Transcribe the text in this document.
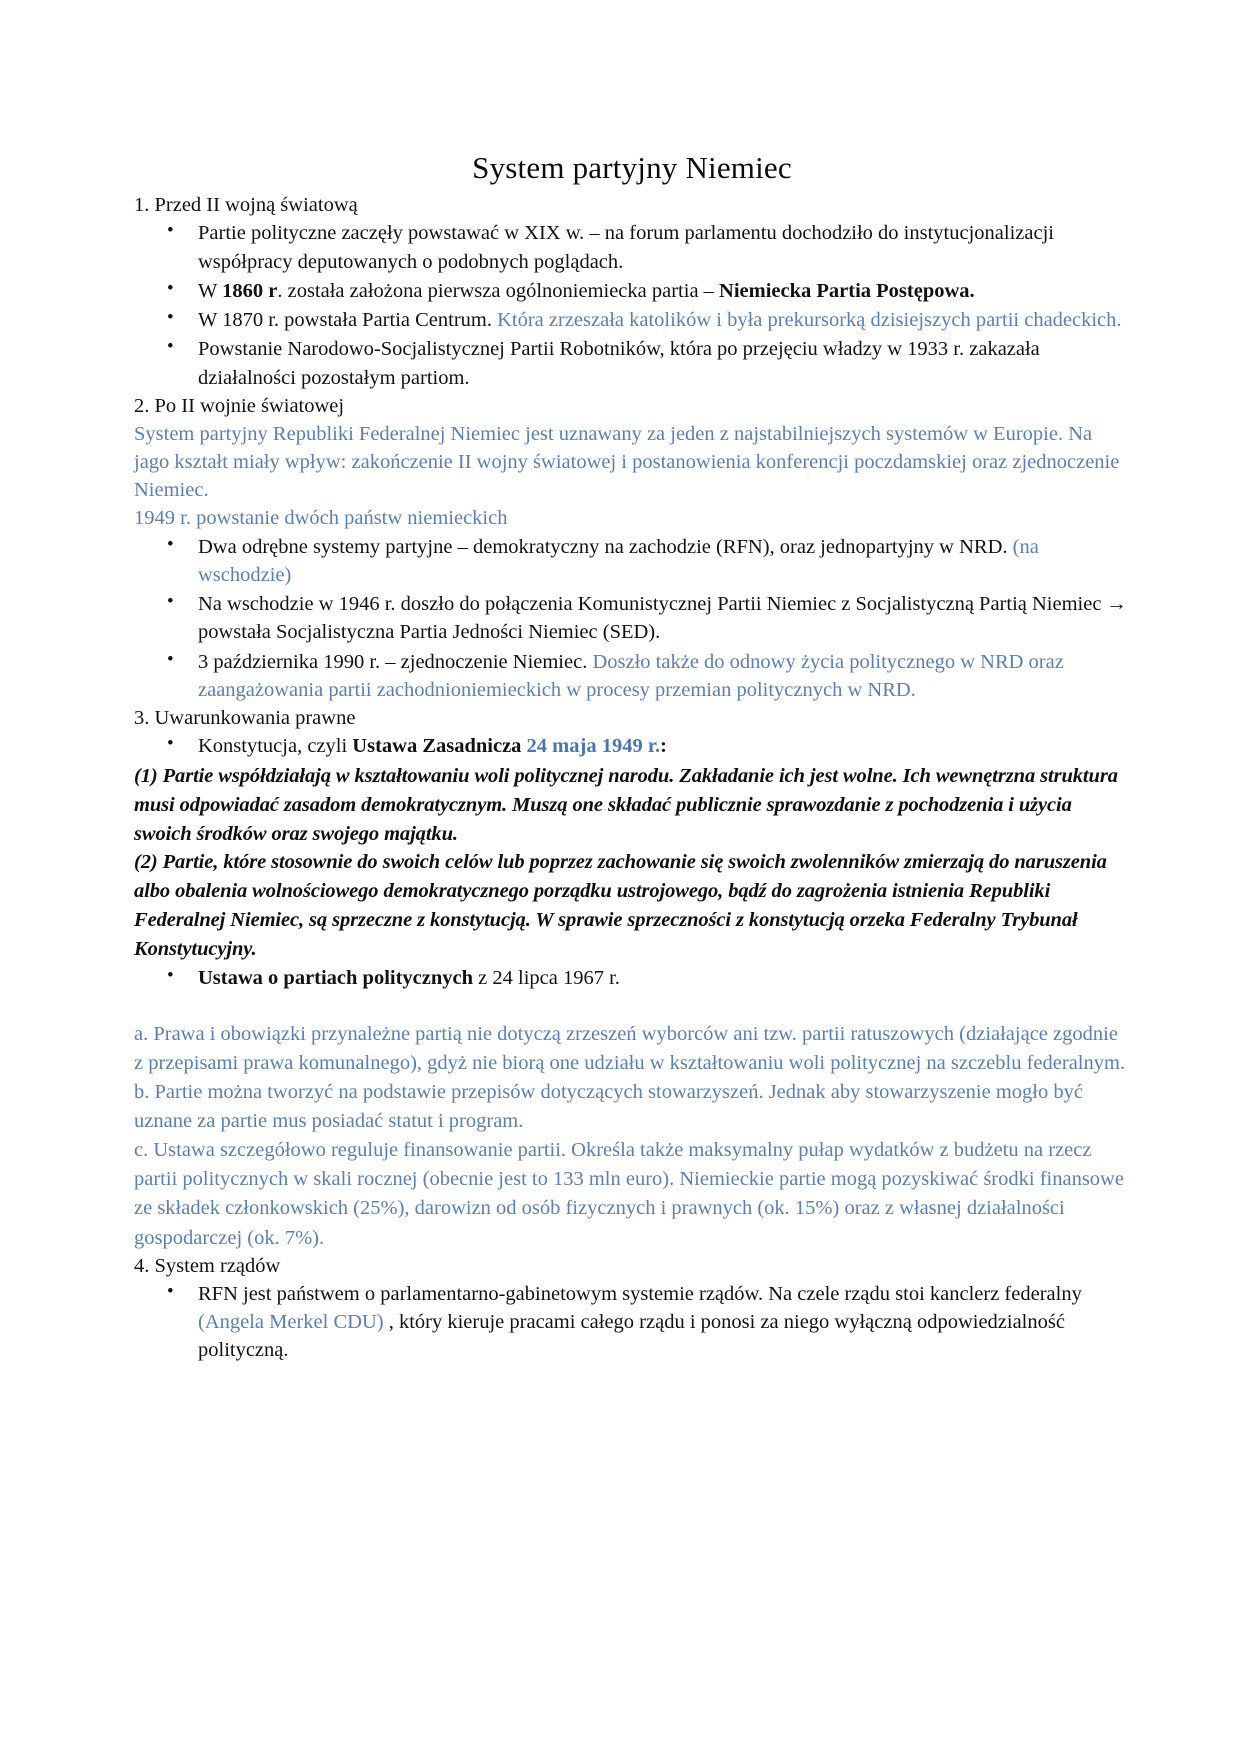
System partyjny Niemiec
1. Przed II wojną światową
• Partie polityczne zaczęły powstawać w XIX w. – na forum parlamentu dochodziło do instytucjonalizacji współpracy deputowanych o podobnych poglądach.
• W 1860 r. została założona pierwsza ogólnoniemiecka partia – Niemiecka Partia Postępowa.
• W 1870 r. powstała Partia Centrum. Która zrzeszała katolików i była prekursorką dzisiejszych partii chadeckich.
• Powstanie Narodowo-Socjalistycznej Partii Robotników, która po przejęciu władzy w 1933 r. zakazała działalności pozostałym partiom.
2. Po II wojnie światowej

System partyjny Republiki Federalnej Niemiec jest uznawany za jeden z najstabilniejszych systemów w Europie. Na jago kształt miały wpływ: zakończenie II wojny światowej i postanowienia konferencji poczdamskiej oraz zjednoczenie Niemiec.

1949 r. powstanie dwóch państw niemieckich

• Dwa odrębne systemy partyjne – demokratyczny na zachodzie (RFN), oraz jednopartyjny w NRD. (na wschodzie)
• Na wschodzie w 1946 r. doszło do połączenia Komunistycznej Partii Niemiec z Socjalistyczną Partią Niemiec → powstała Socjalistyczna Partia Jedności Niemiec (SED).
• 3 października 1990 r. – zjednoczenie Niemiec. Doszło także do odnowy życia politycznego w NRD oraz zaangażowania partii zachodnioniemieckich w procesy przemian politycznych w NRD.
3. Uwarunkowania prawne
• Konstytucja, czyli Ustawa Zasadnicza 24 maja 1949 r.:

(1) Partie współdziałają w kształtowaniu woli politycznej narodu. Zakładanie ich jest wolne. Ich wewnętrzna struktura musi odpowiadać zasadom demokratycznym. Muszą one składać publicznie sprawozdanie z pochodzenia i użycia swoich środków oraz swojego majątku.

(2) Partie, które stosownie do swoich celów lub poprzez zachowanie się swoich zwolenników zmierzają do naruszenia albo obalenia wolnościowego demokratycznego porządku ustrojowego, bądź do zagrożenia istnienia Republiki Federalnej Niemiec, są sprzeczne z konstytucją. W sprawie sprzeczności z konstytucją orzeka Federalny Trybunał Konstytucyjny.

• Ustawa o partiach politycznych z 24 lipca 1967 r.

a. Prawa i obowiązki przynależne partią nie dotyczą zrzeszeń wyborców ani tzw. partii ratuszowych (działające zgodnie z przepisami prawa komunalnego), gdyż nie biorą one udziału w kształtowaniu woli politycznej na szczeblu federalnym.

b. Partie można tworzyć na podstawie przepisów dotyczących stowarzyszeń. Jednak aby stowarzyszenie mogło być uznane za partie mus posiadać statut i program.

c. Ustawa szczegółowo reguluje finansowanie partii. Określa także maksymalny pułap wydatków z budżetu na rzecz partii politycznych w skali rocznej (obecnie jest to 133 mln euro). Niemieckie partie mogą pozyskiwać środki finansowe ze składek członkowskich (25%), darowizn od osób fizycznych i prawnych (ok. 15%) oraz z własnej działalności gospodarczej (ok. 7%).

4. System rządów
• RFN jest państwem o parlamentarno-gabinetowym systemie rządów. Na czele rządu stoi kanclerz federalny (Angela Merkel CDU) , który kieruje pracami całego rządu i ponosi za niego wyłączną odpowiedzialność polityczną.
